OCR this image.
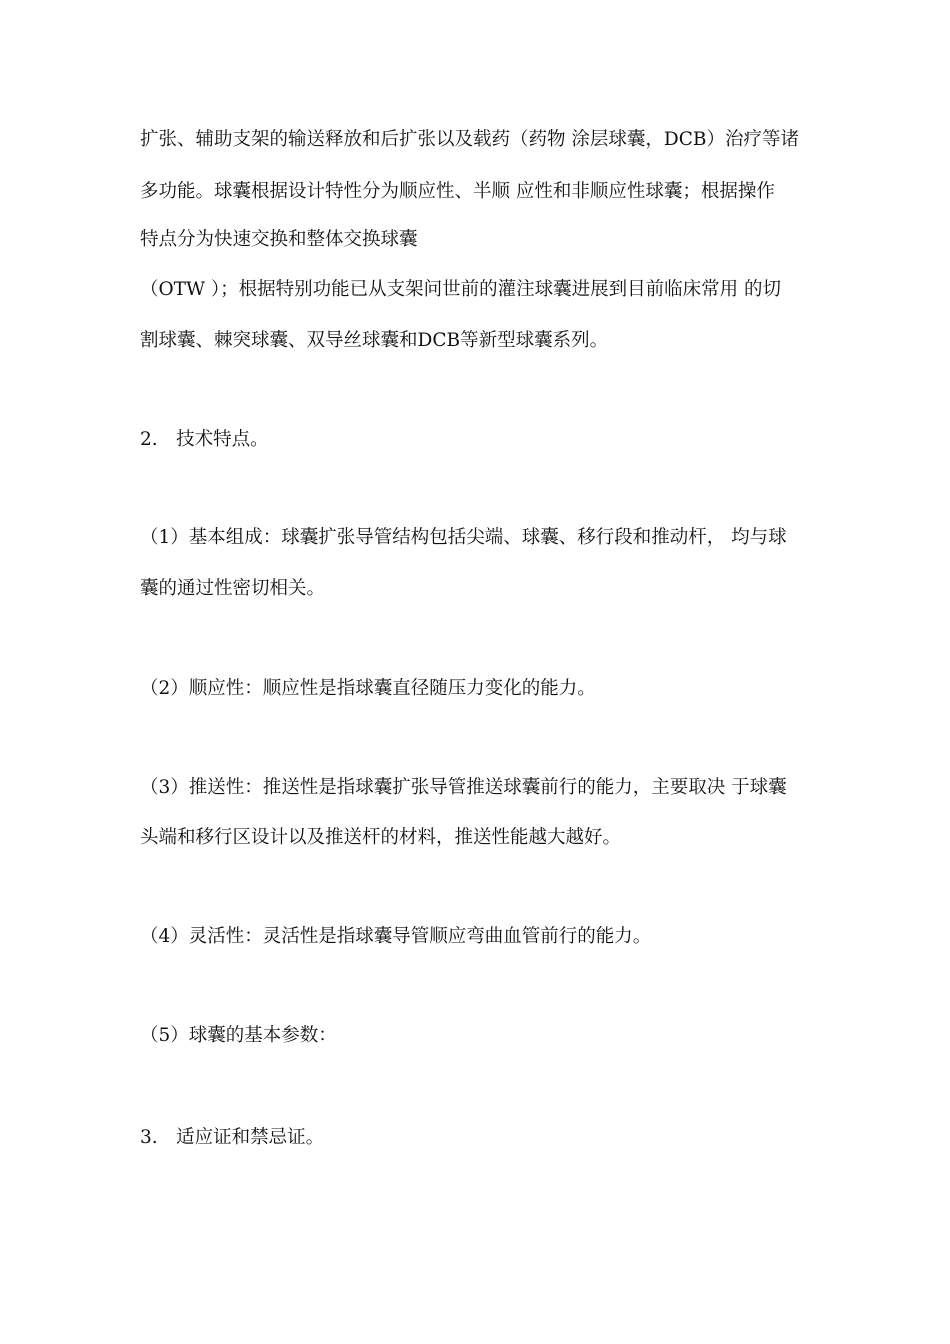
扩张、辅助支架的输送释放和后扩张以及载药（药物 涂层球囊，DCB）治疗等诸
多功能。球囊根据设计特性分为顺应性、半顺 应性和非顺应性球囊；根据操作
特点分为快速交换和整体交换球囊
（OTW ）；根据特别功能已从支架问世前的灌注球囊进展到目前临床常用 的切
割球囊、棘突球囊、双导丝球囊和DCB等新型球囊系列。
2.　技术特点。
（1）基本组成：球囊扩张导管结构包括尖端、球囊、移行段和推动杆， 均与球
囊的通过性密切相关。
（2）顺应性：顺应性是指球囊直径随压力变化的能力。
（3）推送性：推送性是指球囊扩张导管推送球囊前行的能力，主要取决 于球囊
头端和移行区设计以及推送杆的材料，推送性能越大越好。
（4）灵活性：灵活性是指球囊导管顺应弯曲血管前行的能力。
（5）球囊的基本参数：
3.　适应证和禁忌证。
